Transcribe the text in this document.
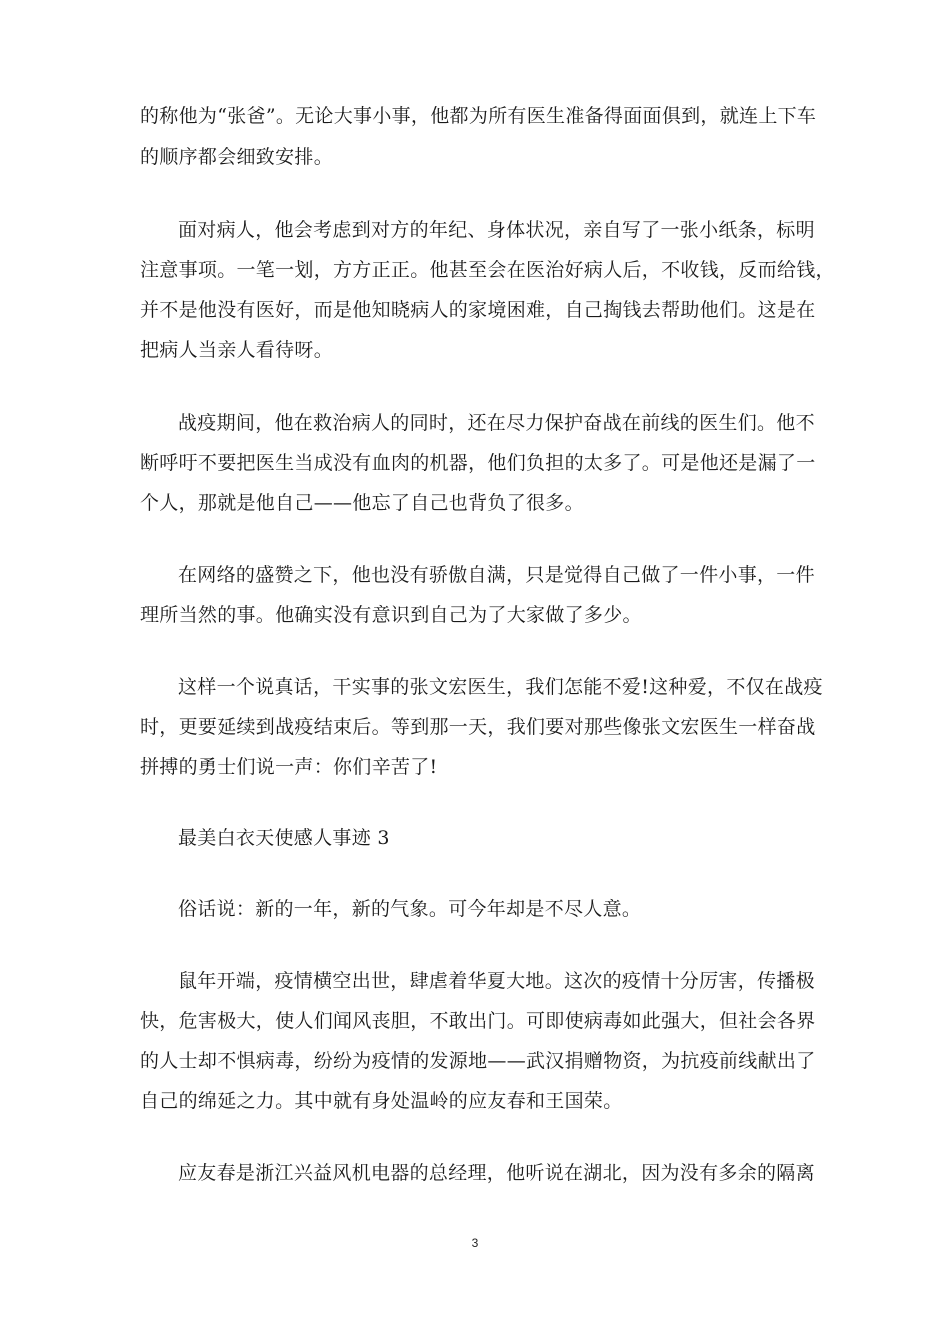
的称他为“张爸”。无论大事小事，他都为所有医生准备得面面俱到，就连上下车
的顺序都会细致安排。
面对病人，他会考虑到对方的年纪、身体状况，亲自写了一张小纸条，标明
注意事项。一笔一划，方方正正。他甚至会在医治好病人后，不收钱，反而给钱，
并不是他没有医好，而是他知晓病人的家境困难，自己掏钱去帮助他们。这是在
把病人当亲人看待呀。
战疫期间，他在救治病人的同时，还在尽力保护奋战在前线的医生们。他不
断呼吁不要把医生当成没有血肉的机器，他们负担的太多了。可是他还是漏了一
个人，那就是他自己——他忘了自己也背负了很多。
在网络的盛赞之下，他也没有骄傲自满，只是觉得自己做了一件小事，一件
理所当然的事。他确实没有意识到自己为了大家做了多少。
这样一个说真话，干实事的张文宏医生，我们怎能不爱!这种爱，不仅在战疫
时，更要延续到战疫结束后。等到那一天，我们要对那些像张文宏医生一样奋战
拼搏的勇士们说一声：你们辛苦了!
最美白衣天使感人事迹 3
俗话说：新的一年，新的气象。可今年却是不尽人意。
鼠年开端，疫情横空出世，肆虐着华夏大地。这次的疫情十分厉害，传播极
快，危害极大，使人们闻风丧胆，不敢出门。可即使病毒如此强大，但社会各界
的人士却不惧病毒，纷纷为疫情的发源地——武汉捐赠物资，为抗疫前线献出了
自己的绵延之力。其中就有身处温岭的应友春和王国荣。
应友春是浙江兴益风机电器的总经理，他听说在湖北，因为没有多余的隔离
3
